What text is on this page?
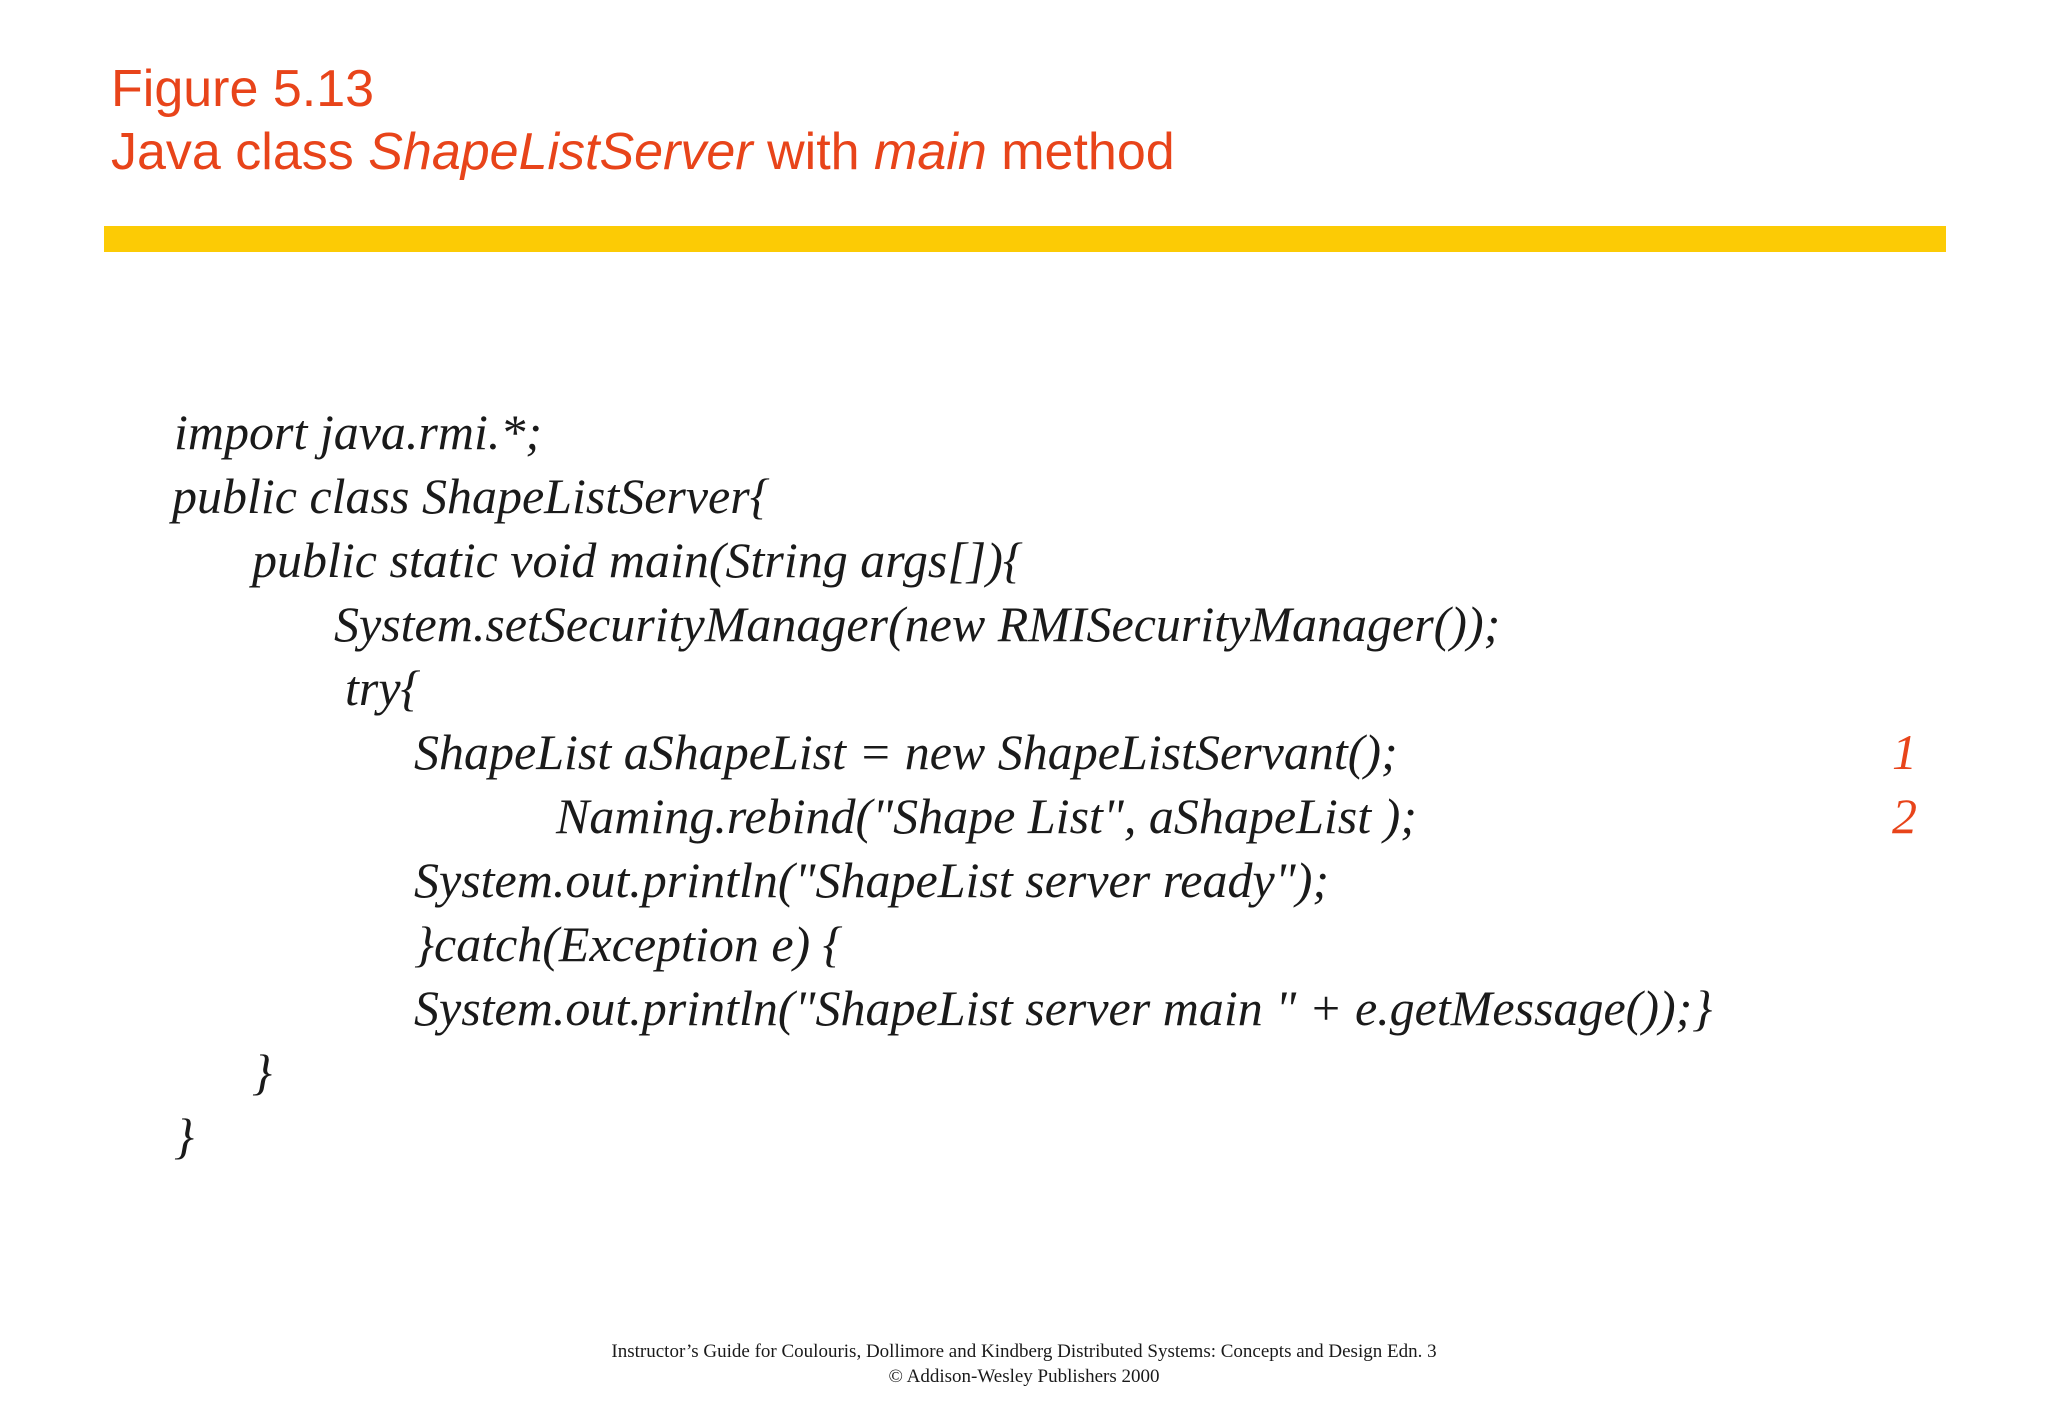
Figure 5.13
Java class ShapeListServer with main method
import java.rmi.*;
public class ShapeListServer{
public static void main(String args[]){
System.setSecurityManager(new RMISecurityManager());
try{
ShapeList aShapeList = new ShapeListServant();	1
Naming.rebind("Shape List", aShapeList );	2
System.out.println("ShapeList server ready");
}catch(Exception e) {
System.out.println("ShapeList server main " + e.getMessage());}
}
}
Instructor’s Guide for Coulouris, Dollimore and Kindberg Distributed Systems: Concepts and Design Edn. 3
© Addison-Wesley Publishers 2000
